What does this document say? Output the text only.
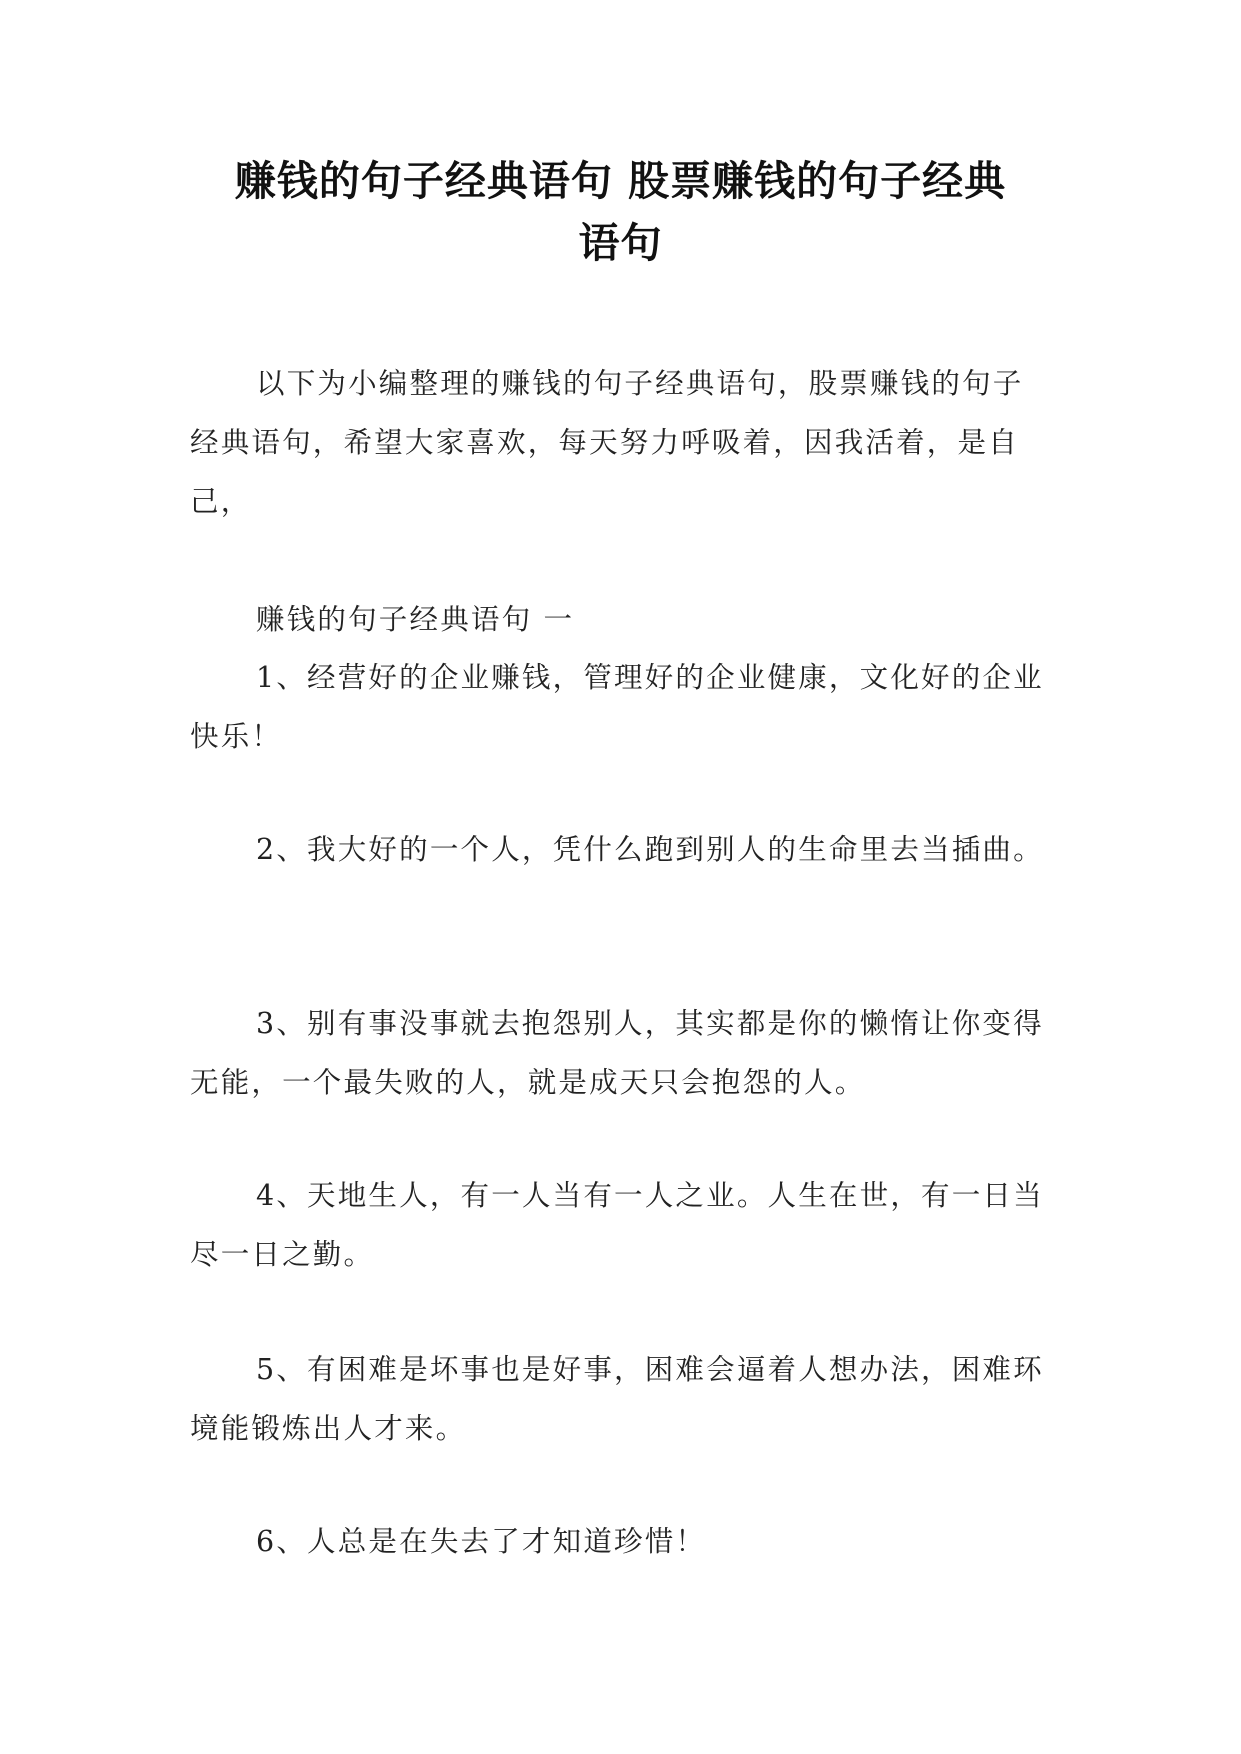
赚钱的句子经典语句 股票赚钱的句子经典
语句

以下为小编整理的赚钱的句子经典语句，股票赚钱的句子经典语句，希望大家喜欢，每天努力呼吸着，因我活着，是自己，

赚钱的句子经典语句 一

1、经营好的企业赚钱，管理好的企业健康，文化好的企业快乐！

2、我大好的一个人，凭什么跑到别人的生命里去当插曲。

3、别有事没事就去抱怨别人，其实都是你的懒惰让你变得无能，一个最失败的人，就是成天只会抱怨的人。

4、天地生人，有一人当有一人之业。人生在世，有一日当尽一日之勤。

5、有困难是坏事也是好事，困难会逼着人想办法，困难环境能锻炼出人才来。

6、人总是在失去了才知道珍惜！
